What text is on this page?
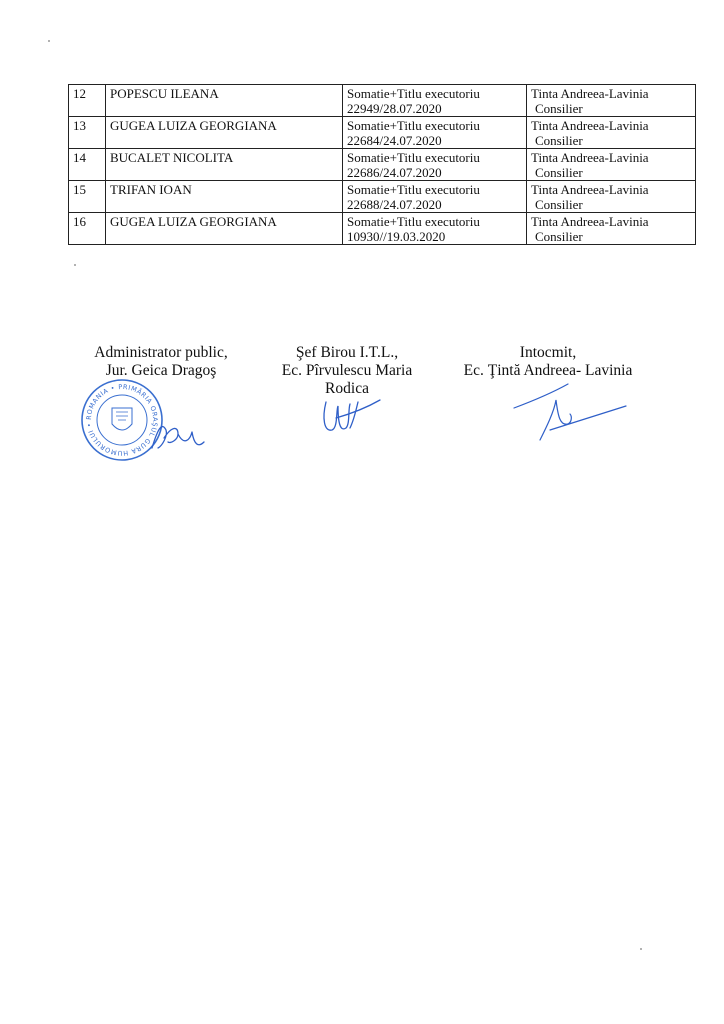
12	POPESCU ILEANA	Somatie+Titlu executoriu
22949/28.07.2020	Tinta Andreea-Lavinia
Consilier

13	GUGEA LUIZA GEORGIANA	Somatie+Titlu executoriu
22684/24.07.2020	Tinta Andreea-Lavinia
Consilier

14	BUCALET NICOLITA	Somatie+Titlu executoriu
22686/24.07.2020	Tinta Andreea-Lavinia
Consilier

15	TRIFAN IOAN	Somatie+Titlu executoriu
22688/24.07.2020	Tinta Andreea-Lavinia
Consilier

16	GUGEA LUIZA GEORGIANA	Somatie+Titlu executoriu
10930//19.03.2020	Tinta Andreea-Lavinia
Consilier
Administrator public,
Jur. Geica Dragoş
Şef Birou I.T.L.,
Ec. Pîrvulescu Maria
Rodica
Intocmit,
Ec. Ţintă Andreea- Lavinia
ROMANIA • PRIMĂRIA ORAŞUL GURA HUMORULUI •
